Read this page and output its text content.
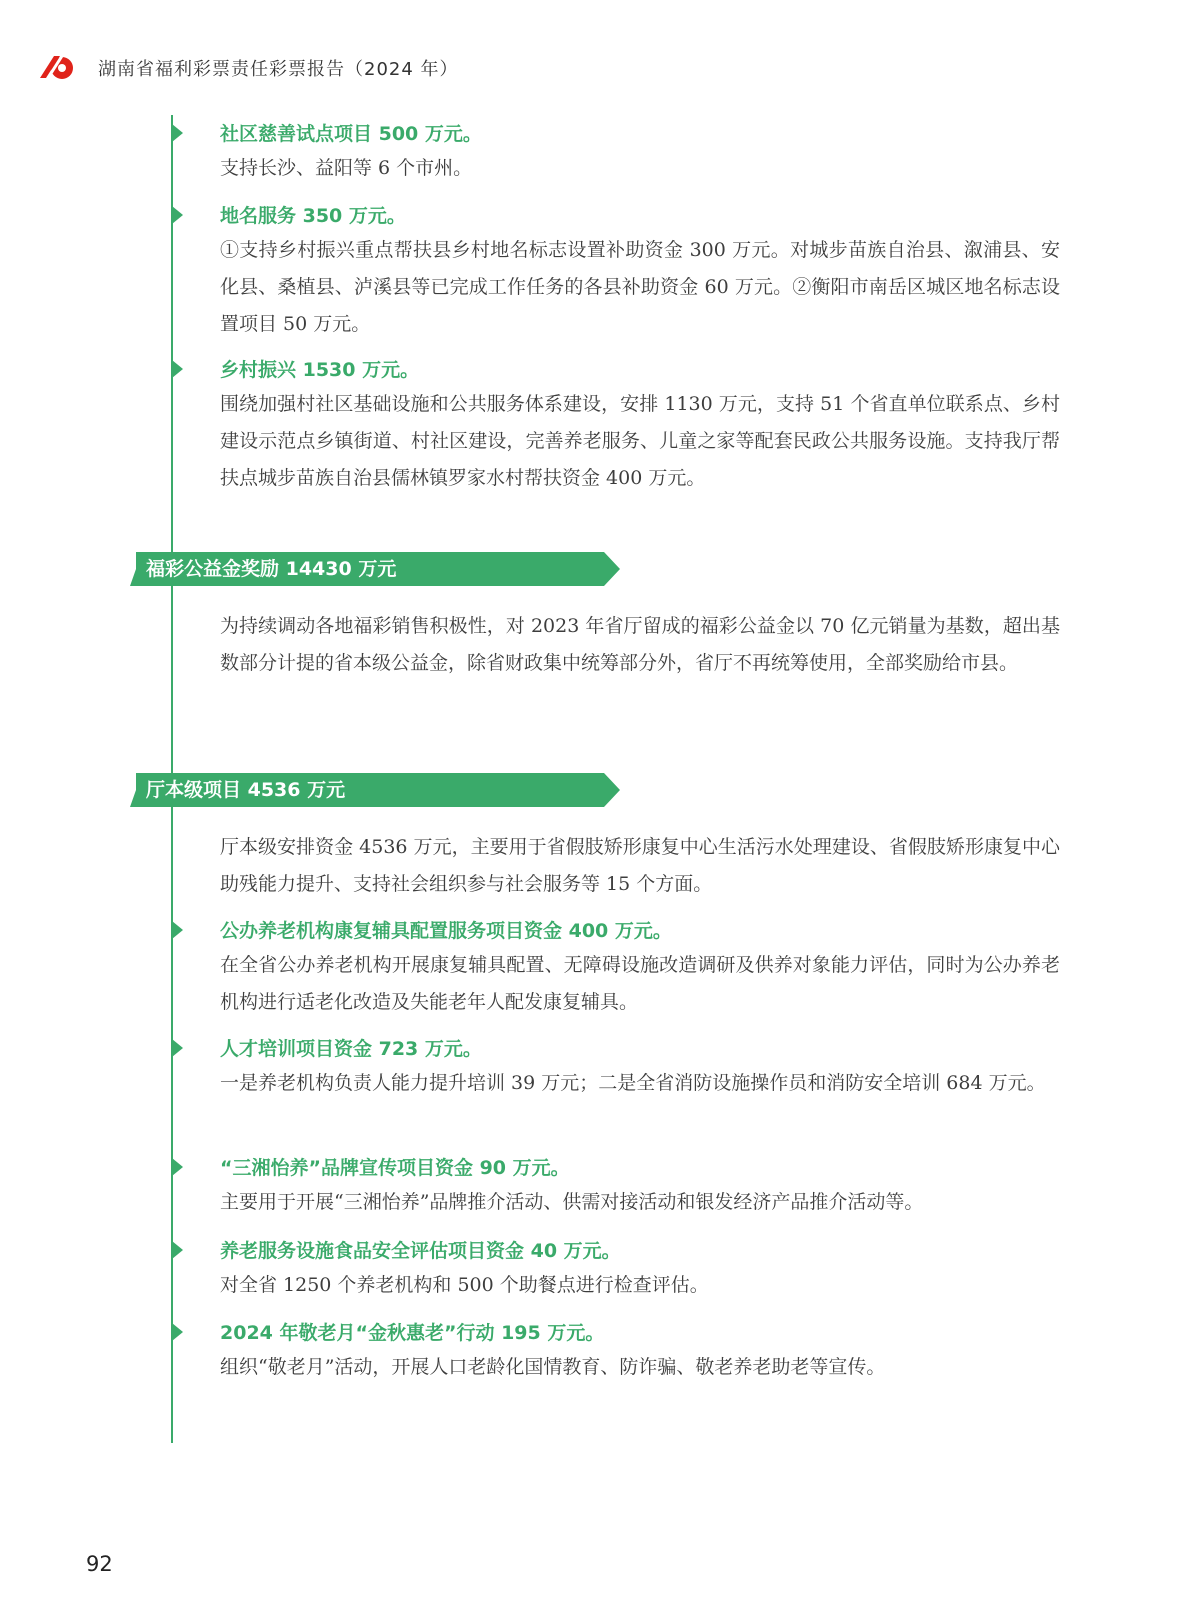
湖南省福利彩票责任彩票报告（2024 年）
社区慈善试点项目 500 万元。
支持长沙、益阳等 6 个市州。
地名服务 350 万元。
①支持乡村振兴重点帮扶县乡村地名标志设置补助资金 300 万元。对城步苗族自治县、溆浦县、安化县、桑植县、泸溪县等已完成工作任务的各县补助资金 60 万元。②衡阳市南岳区城区地名标志设置项目 50 万元。
乡村振兴 1530 万元。
围绕加强村社区基础设施和公共服务体系建设，安排 1130 万元，支持 51 个省直单位联系点、乡村建设示范点乡镇街道、村社区建设，完善养老服务、儿童之家等配套民政公共服务设施。支持我厅帮扶点城步苗族自治县儒林镇罗家水村帮扶资金 400 万元。
福彩公益金奖励 14430 万元
为持续调动各地福彩销售积极性，对 2023 年省厅留成的福彩公益金以 70 亿元销量为基数，超出基数部分计提的省本级公益金，除省财政集中统筹部分外，省厅不再统筹使用，全部奖励给市县。
厅本级项目 4536 万元
厅本级安排资金 4536 万元，主要用于省假肢矫形康复中心生活污水处理建设、省假肢矫形康复中心助残能力提升、支持社会组织参与社会服务等 15 个方面。
公办养老机构康复辅具配置服务项目资金 400 万元。
在全省公办养老机构开展康复辅具配置、无障碍设施改造调研及供养对象能力评估，同时为公办养老机构进行适老化改造及失能老年人配发康复辅具。
人才培训项目资金 723 万元。
一是养老机构负责人能力提升培训 39 万元；二是全省消防设施操作员和消防安全培训 684 万元。
“三湘怡养”品牌宣传项目资金 90 万元。
主要用于开展“三湘怡养”品牌推介活动、供需对接活动和银发经济产品推介活动等。
养老服务设施食品安全评估项目资金 40 万元。
对全省 1250 个养老机构和 500 个助餐点进行检查评估。
2024 年敬老月“金秋惠老”行动 195 万元。
组织“敬老月”活动，开展人口老龄化国情教育、防诈骗、敬老养老助老等宣传。
92
